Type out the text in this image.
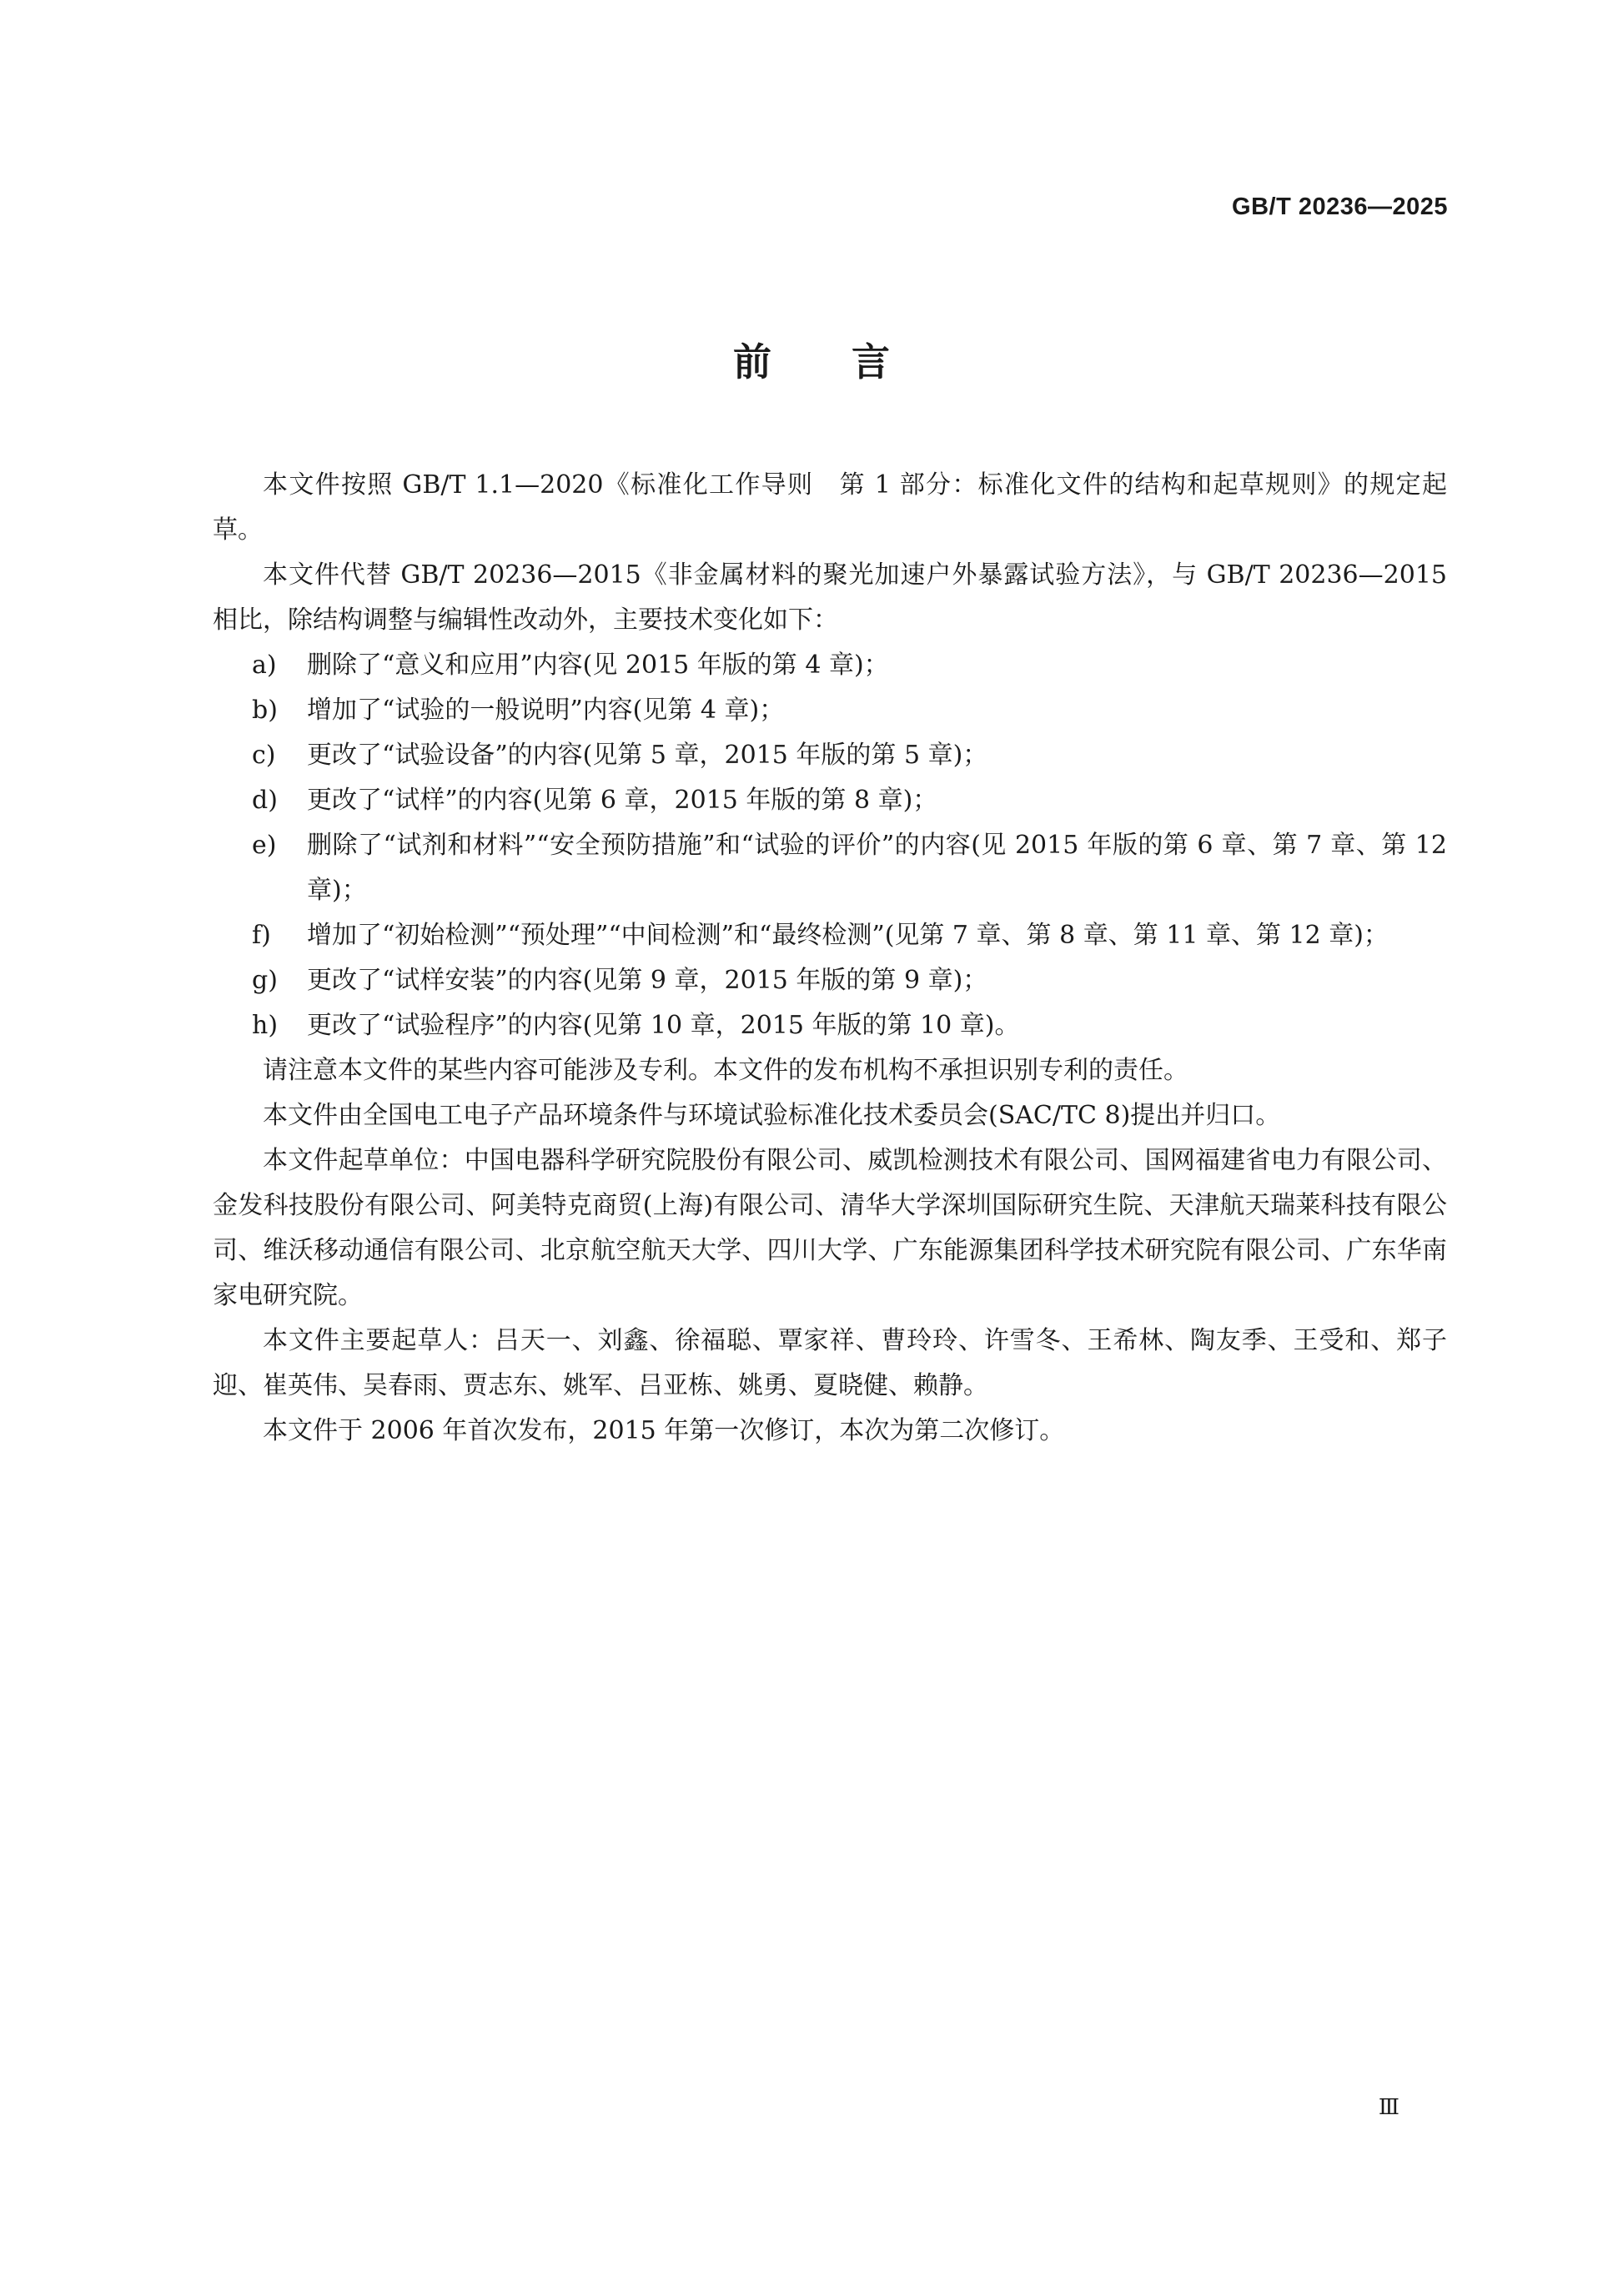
GB/T 20236—2025
前言

本文件按照 GB/T 1.1—2020《标准化工作导则　第 1 部分：标准化文件的结构和起草规则》的规定起草。

本文件代替 GB/T 20236—2015《非金属材料的聚光加速户外暴露试验方法》，与 GB/T 20236—2015 相比，除结构调整与编辑性改动外，主要技术变化如下：

a) 删除了“意义和应用”内容(见 2015 年版的第 4 章)；

b) 增加了“试验的一般说明”内容(见第 4 章)；

c) 更改了“试验设备”的内容(见第 5 章，2015 年版的第 5 章)；

d) 更改了“试样”的内容(见第 6 章，2015 年版的第 8 章)；

e) 删除了“试剂和材料”“安全预防措施”和“试验的评价”的内容(见 2015 年版的第 6 章、第 7 章、第 12 章)；

f) 增加了“初始检测”“预处理”“中间检测”和“最终检测”(见第 7 章、第 8 章、第 11 章、第 12 章)；

g) 更改了“试样安装”的内容(见第 9 章，2015 年版的第 9 章)；

h) 更改了“试验程序”的内容(见第 10 章，2015 年版的第 10 章)。

请注意本文件的某些内容可能涉及专利。本文件的发布机构不承担识别专利的责任。

本文件由全国电工电子产品环境条件与环境试验标准化技术委员会(SAC/TC 8)提出并归口。

本文件起草单位：中国电器科学研究院股份有限公司、威凯检测技术有限公司、国网福建省电力有限公司、金发科技股份有限公司、阿美特克商贸(上海)有限公司、清华大学深圳国际研究生院、天津航天瑞莱科技有限公司、维沃移动通信有限公司、北京航空航天大学、四川大学、广东能源集团科学技术研究院有限公司、广东华南家电研究院。

本文件主要起草人：吕天一、刘鑫、徐福聪、覃家祥、曹玲玲、许雪冬、王希林、陶友季、王受和、郑子迎、崔英伟、吴春雨、贾志东、姚军、吕亚栋、姚勇、夏晓健、赖静。

本文件于 2006 年首次发布，2015 年第一次修订，本次为第二次修订。

Ⅲ
